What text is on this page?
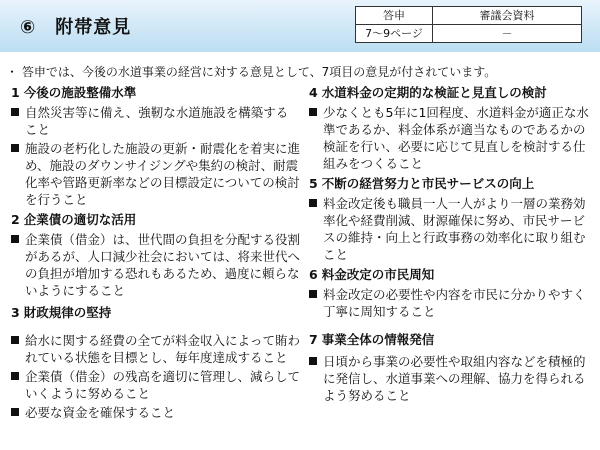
⑥　附帯意見
答申	審議会資料
7～9ページ	－
・ 答申では、今後の水道事業の経営に対する意見として、7項目の意見が付されています。
1 今後の施設整備水準
自然災害等に備え、強靭な水道施設を構築すること
施設の老朽化した施設の更新・耐震化を着実に進め、施設のダウンサイジングや集約の検討、耐震化率や管路更新率などの目標設定についての検討を行うこと
2 企業債の適切な活用
企業債（借金）は、世代間の負担を分配する役割があるが、人口減少社会においては、将来世代への負担が増加する恐れもあるため、過度に頼らないようにすること
3 財政規律の堅持
給水に関する経費の全てが料金収入によって賄われている状態を目標とし、毎年度達成すること
企業債（借金）の残高を適切に管理し、減らしていくように努めること
必要な資金を確保すること
4 水道料金の定期的な検証と見直しの検討
少なくとも5年に1回程度、水道料金が適正な水準であるか、料金体系が適当なものであるかの検証を行い、必要に応じて見直しを検討する仕組みをつくること
5 不断の経営努力と市民サービスの向上
料金改定後も職員一人一人がより一層の業務効率化や経費削減、財源確保に努め、市民サービスの維持・向上と行政事務の効率化に取り組むこと
6 料金改定の市民周知
料金改定の必要性や内容を市民に分かりやすく丁寧に周知すること
7 事業全体の情報発信
日頃から事業の必要性や取組内容などを積極的に発信し、水道事業への理解、協力を得られるよう努めること
